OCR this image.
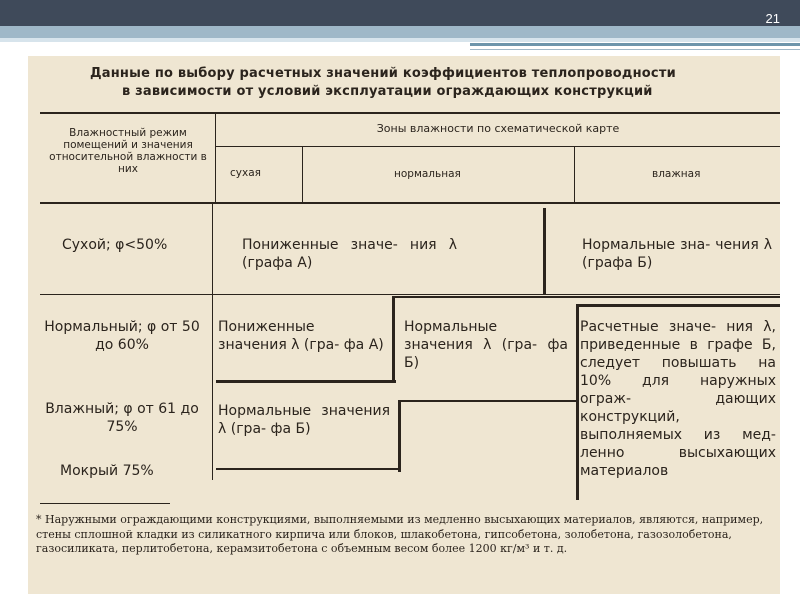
21
Данные по выбору расчетных значений коэффициентов теплопроводности
в зависимости от условий эксплуатации ограждающих конструкций
Влажностный режим помещений и значения относительной влажности в них
Зоны влажности по схематической карте
сухая	нормальная	влажная
Сухой; φ<50%
Нормальный; φ от 50 до 60%
Влажный; φ от 61 до 75%
Мокрый 75%
Пониженные значе- ния λ (графа А)
Нормальные зна- чения λ (графа Б)
Пониженные значения λ (гра- фа А)
Нормальные значения λ (гра- фа Б)
Расчетные значе- ния λ, приведенные в графе Б, следует повышать на 10% для наружных ограж- дающих конструкций, выполняемых из мед- ленно высыхающих материалов
Нормальные значения λ (гра- фа Б)
* Наружными ограждающими конструкциями, выполняемыми из медленно высыхающих материалов, являются, например, стены сплошной кладки из силикатного кирпича или блоков, шлакобетона, гипсобетона, золобетона, газозолобетона, газосиликата, перлитобетона, керамзитобетона с объемным весом более 1200 кг/м³ и т. д.
